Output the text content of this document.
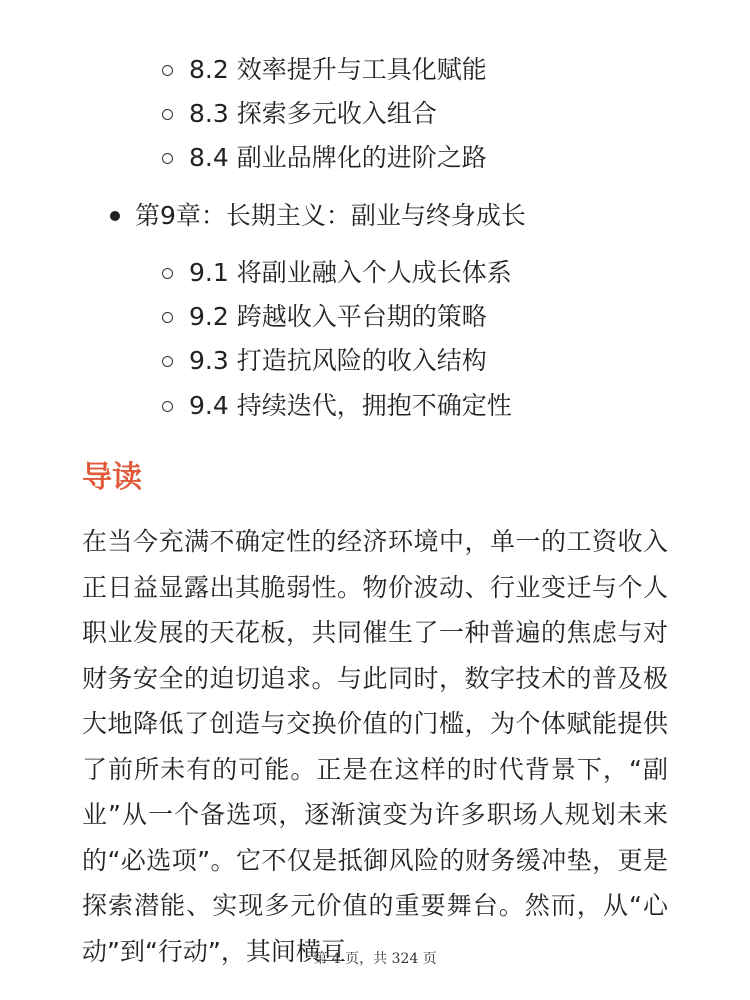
8.2 效率提升与工具化赋能
8.3 探索多元收入组合
8.4 副业品牌化的进阶之路
第9章：长期主义：副业与终身成长
9.1 将副业融入个人成长体系
9.2 跨越收入平台期的策略
9.3 打造抗风险的收入结构
9.4 持续迭代，拥抱不确定性
导读

在当今充满不确定性的经济环境中，单一的工资收入正日益显露出其脆弱性。物价波动、行业变迁与个人职业发展的天花板，共同催生了一种普遍的焦虑与对财务安全的迫切追求。与此同时，数字技术的普及极大地降低了创造与交换价值的门槛，为个体赋能提供了前所未有的可能。正是在这样的时代背景下，“副业”从一个备选项，逐渐演变为许多职场人规划未来的“必选项”。它不仅是抵御风险的财务缓冲垫，更是探索潜能、实现多元价值的重要舞台。然而，从“心动”到“行动”，其间横亘

第 4 页，共 324 页
